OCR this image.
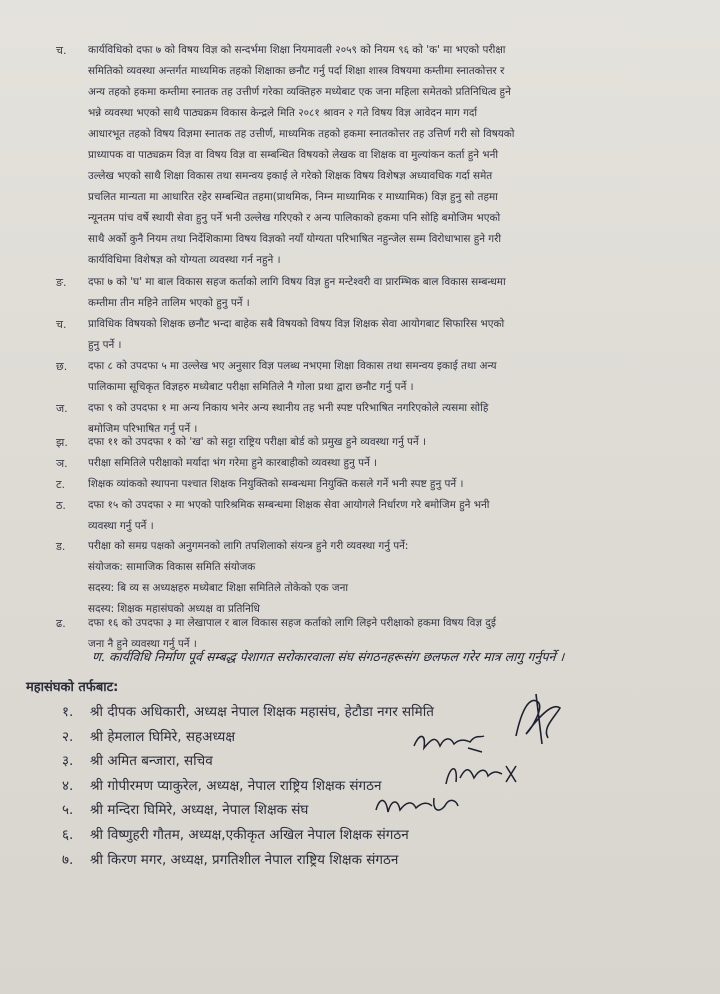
च.	कार्यविधिको दफा ७ को विषय विज्ञ को सन्दर्भमा शिक्षा नियमावली २०५९ को नियम ९६ को 'क' मा भएको परीक्षा
समितिको व्यवस्था अन्तर्गत माध्यमिक तहको शिक्षाका छनौट गर्नु पर्दा शिक्षा शास्त्र विषयमा कम्तीमा स्नातकोत्तर र
अन्य तहको हकमा कम्तीमा स्नातक तह उत्तीर्ण गरेका व्यक्तिहरु मध्येबाट एक जना महिला समेतको प्रतिनिधित्व हुने
भन्ने व्यवस्था भएको साथै पाठ्यक्रम विकास केन्द्रले मिति २०८१ श्रावन २ गते विषय विज्ञ आवेदन माग गर्दा
आधारभूत तहको विषय विज्ञमा स्नातक तह उत्तीर्ण, माध्यमिक तहको हकमा स्नातकोत्तर तह उत्तिर्ण गरी सो विषयको
प्राध्यापक वा पाठ्यक्रम विज्ञ वा विषय विज्ञ वा सम्बन्धित विषयको लेखक वा शिक्षक वा मुल्यांकन कर्ता हुने भनी
उल्लेख भएको साथै शिक्षा विकास तथा समन्वय इकाई ले गरेको शिक्षक विषय विशेषज्ञ अध्यावधिक गर्दा समेत
प्रचलित मान्यता मा आधारित रहेर सम्बन्धित तहमा(प्राथमिक, निम्न माध्यामिक र माध्यामिक) विज्ञ हुनु सो तहमा
न्यूनतम पांच वर्षे स्थायी सेवा हुनु पर्ने भनी उल्लेख गरिएको र अन्य पालिकाको हकमा पनि सोहि बमोजिम भएको
साथै अर्को कुनै नियम तथा निर्देशिकामा विषय विज्ञको नयाँ योग्यता परिभाषित नहुन्जेल सम्म विरोधाभास हुने गरी
कार्यविधिमा विशेषज्ञ को योग्यता व्यवस्था गर्न नहुने ।
ङ.	दफा ७ को 'घ' मा बाल विकास सहज कर्ताको लागि विषय विज्ञ हुन मन्टेश्वरी वा प्रारम्भिक बाल विकास सम्बन्धमा
कम्तीमा तीन महिने तालिम भएको हुनु पर्ने ।
च.	प्राविधिक विषयको शिक्षक छनौट भन्दा बाहेक सबै विषयको विषय विज्ञ शिक्षक सेवा आयोगबाट सिफारिस भएको
हुनु पर्ने ।
छ.	दफा ८ को उपदफा ५ मा उल्लेख भए अनुसार विज्ञ पलब्ध नभएमा शिक्षा विकास तथा समन्वय इकाई तथा अन्य
पालिकामा सूचिकृत विज्ञहरु मध्येबाट परीक्षा समितिले नै गोला प्रथा द्वारा छनौट गर्नु पर्ने ।
ज.	दफा ९ को उपदफा १ मा अन्य निकाय भनेर अन्य स्थानीय तह भनी स्पष्ट परिभाषित नगरिएकोले त्यसमा सोहि
बमोजिम परिभाषित गर्नु पर्ने ।
झ.	दफा ११ को उपदफा १ को 'ख' को सट्टा राष्ट्रिय परीक्षा बोर्ड को प्रमुख हुने व्यवस्था गर्नु पर्ने ।
ञ.	परीक्षा समितिले परीक्षाको मर्यादा भंग गरेमा हुने कारबाहीको व्यवस्था हुनु पर्ने ।
ट.	शिक्षक व्यांकको स्थापना पश्चात शिक्षक नियुक्तिको सम्बन्धमा नियुक्ति कसले गर्ने भनी स्पष्ट हुनु पर्ने ।
ठ.	दफा १५ को उपदफा २ मा भएको पारिश्रमिक सम्बन्धमा शिक्षक सेवा आयोगले निर्धारण गरे बमोजिम हुने भनी
व्यवस्था गर्नु पर्ने ।
ड.	परीक्षा को समग्र पक्षको अनुगमनको लागि तपशिलाको संयन्त्र हुने गरी व्यवस्था गर्नु पर्ने:
संयोजक: सामाजिक विकास समिति संयोजक
सदस्य: बि व्य स अध्यक्षहरु मध्येबाट शिक्षा समितिले तोकेको एक जना
सदस्य: शिक्षक महासंघको अध्यक्ष वा प्रतिनिधि
ढ.	दफा १६ को उपदफा ३ मा लेखापाल र बाल विकास सहज कर्ताको लागि लिइने परीक्षाको हकमा विषय विज्ञ दुई
जना नै हुने व्यवस्था गर्नु पर्ने ।
ण. कार्यविधि निर्माण पूर्व सम्बद्ध पेशागत सरोकारवाला संघ संगठनहरूसंग छलफल गरेर मात्र लागु गर्नुपर्ने ।
महासंघको तर्फबाट:
१. श्री दीपक अधिकारी, अध्यक्ष नेपाल शिक्षक महासंघ, हेटौडा नगर समिति
२. श्री हेमलाल घिमिरे, सहअध्यक्ष
३. श्री अमित बन्जारा, सचिव
४. श्री गोपीरमण प्याकुरेल, अध्यक्ष, नेपाल राष्ट्रिय शिक्षक संगठन
५. श्री मन्दिरा घिमिरे, अध्यक्ष, नेपाल शिक्षक संघ
६. श्री विष्णुहरी गौतम, अध्यक्ष,एकीकृत अखिल नेपाल शिक्षक संगठन
७. श्री किरण मगर, अध्यक्ष, प्रगतिशील नेपाल राष्ट्रिय शिक्षक संगठन
